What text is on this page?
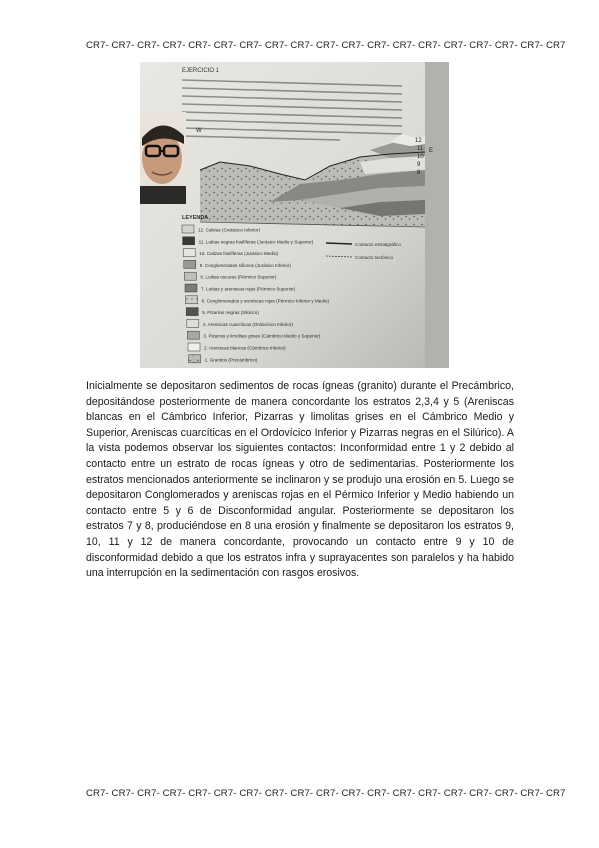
CR7- CR7- CR7- CR7- CR7- CR7- CR7- CR7- CR7- CR7- CR7- CR7- CR7- CR7- CR7- CR7- CR7- CR7- CR7
EJERCICIO 1
12
11
10
9
8
W
E
LEYENDA
12. Calizas (Cretácico Inferior)
11. Lutitas negras fosilíferas (Jurásico Medio y Superior)
10. Calizas fosilíferas (Jurásico Medio)
9. Conglomerados silíceos (Jurásico Inferior)
8. Lutitas oscuras (Pérmico Superior)
7. Lutitas y areniscas rojas (Pérmico Superior)
6. Conglomerados y areniscas rojas (Pérmico Inferior y Medio)
5. Pizarras negras (Silúrico)
4. Areniscas cuarcíticas (Ordovícico Inferior)
3. Pizarras y limolitas grises (Cámbrico Medio y Superior)
2. Areniscas blancas (Cámbrico Inferior)
1. Granitos (Precámbrico)
Contacto estratigráfico
Contacto tectónico
Inicialmente se depositaron sedimentos de rocas ígneas (granito) durante el Precámbrico, depositándose posteriormente de manera concordante los estratos 2,3,4 y 5 (Areniscas blancas en el Cámbrico Inferior, Pizarras y limolitas grises en el Cámbrico Medio y Superior, Areniscas cuarcíticas en el Ordovícico Inferior y Pizarras negras en el Silúrico). A la vista podemos observar los siguientes contactos: Inconformidad entre 1 y 2 debido al contacto entre un estrato de rocas ígneas y otro de sedimentarias. Posteriormente los estratos mencionados anteriormente se inclinaron y se produjo una erosión en 5. Luego se depositaron Conglomerados y areniscas rojas en el Pérmico Inferior y Medio habiendo un contacto entre 5 y 6 de Disconformidad angular. Posteriormente se depositaron los estratos 7 y 8, produciéndose en 8 una erosión y finalmente se depositaron los estratos 9, 10, 11 y 12 de manera concordante, provocando un contacto entre 9 y 10 de disconformidad debido a que los estratos infra y suprayacentes son paralelos y ha habido una interrupción en la sedimentación con rasgos erosivos.
CR7- CR7- CR7- CR7- CR7- CR7- CR7- CR7- CR7- CR7- CR7- CR7- CR7- CR7- CR7- CR7- CR7- CR7- CR7
